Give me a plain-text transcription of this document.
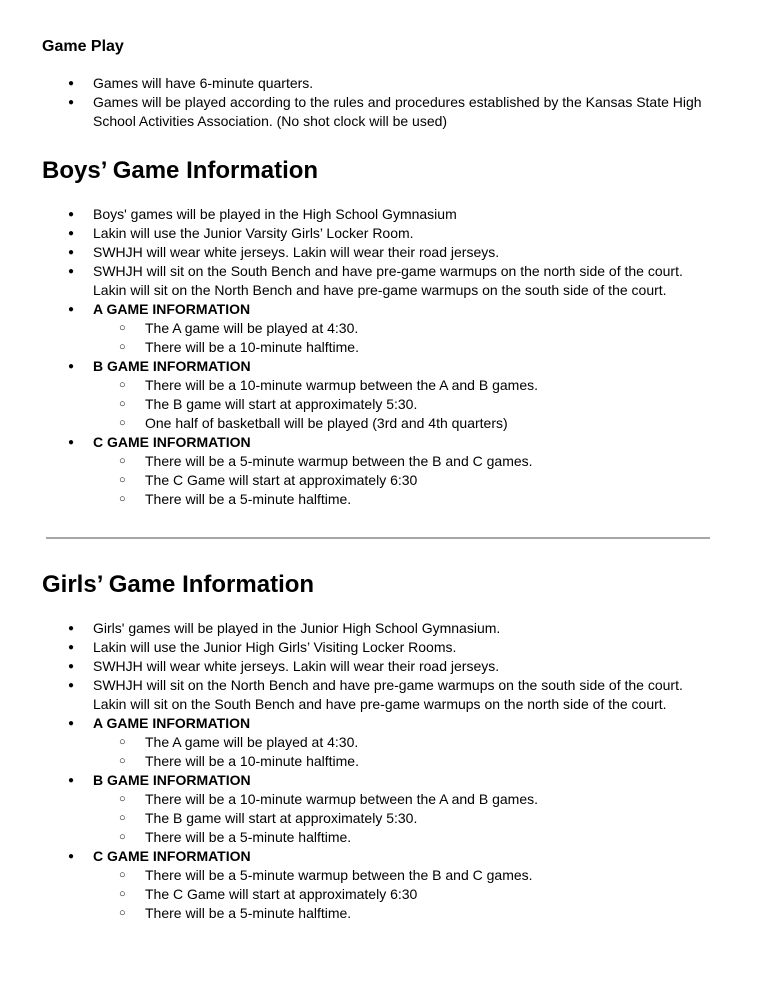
Game Play
● Games will have 6-minute quarters.
● Games will be played according to the rules and procedures established by the Kansas State High School Activities Association. (No shot clock will be used)
Boys’ Game Information
● Boys' games will be played in the High School Gymnasium
● Lakin will use the Junior Varsity Girls’ Locker Room.
● SWHJH will wear white jerseys. Lakin will wear their road jerseys.
● SWHJH will sit on the South Bench and have pre-game warmups on the north side of the court. Lakin will sit on the North Bench and have pre-game warmups on the south side of the court.
● A GAME INFORMATION
○ The A game will be played at 4:30.
○ There will be a 10-minute halftime.
● B GAME INFORMATION
○ There will be a 10-minute warmup between the A and B games.
○ The B game will start at approximately 5:30.
○ One half of basketball will be played (3rd and 4th quarters)
● C GAME INFORMATION
○ There will be a 5-minute warmup between the B and C games.
○ The C Game will start at approximately 6:30
○ There will be a 5-minute halftime.
Girls’ Game Information
● Girls' games will be played in the Junior High School Gymnasium.
● Lakin will use the Junior High Girls’ Visiting Locker Rooms.
● SWHJH will wear white jerseys. Lakin will wear their road jerseys.
● SWHJH will sit on the North Bench and have pre-game warmups on the south side of the court. Lakin will sit on the South Bench and have pre-game warmups on the north side of the court.
● A GAME INFORMATION
○ The A game will be played at 4:30.
○ There will be a 10-minute halftime.
● B GAME INFORMATION
○ There will be a 10-minute warmup between the A and B games.
○ The B game will start at approximately 5:30.
○ There will be a 5-minute halftime.
● C GAME INFORMATION
○ There will be a 5-minute warmup between the B and C games.
○ The C Game will start at approximately 6:30
○ There will be a 5-minute halftime.
